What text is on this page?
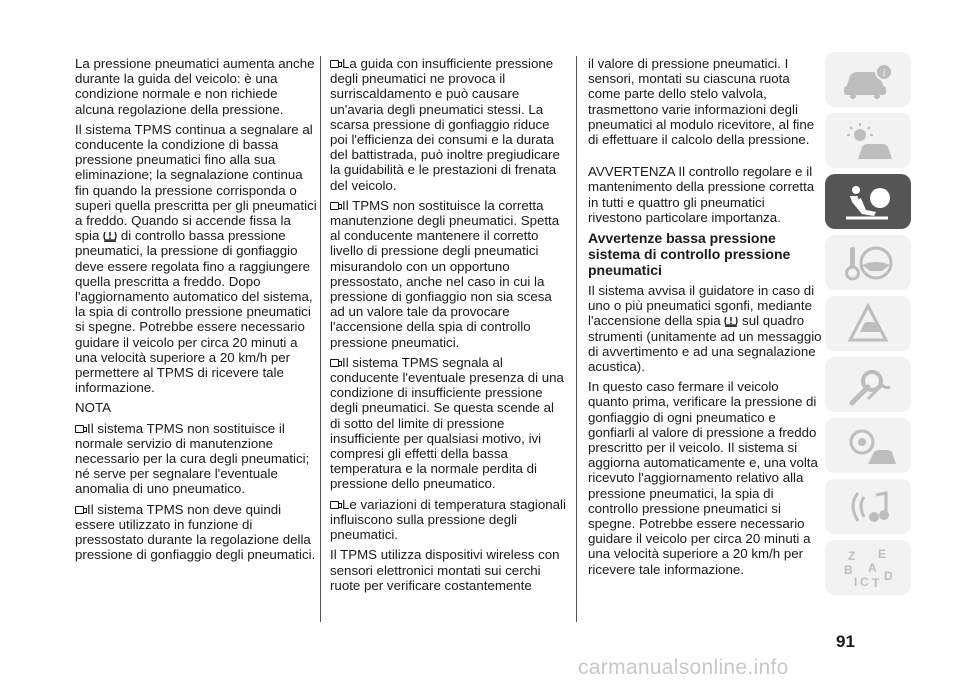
La pressione pneumatici aumenta anche durante la guida del veicolo: è una condizione normale e non richiede alcuna regolazione della pressione.

Il sistema TPMS continua a segnalare al conducente la condizione di bassa pressione pneumatici fino alla sua eliminazione; la segnalazione continua fin quando la pressione corrisponda o superi quella prescritta per gli pneumatici a freddo. Quando si accende fissa la spia di controllo bassa pressione pneumatici, la pressione di gonfiaggio deve essere regolata fino a raggiungere quella prescritta a freddo. Dopo l'aggiornamento automatico del sistema, la spia di controllo pressione pneumatici si spegne. Potrebbe essere necessario guidare il veicolo per circa 20 minuti a una velocità superiore a 20 km/h per permettere al TPMS di ricevere tale informazione.

NOTA

Il sistema TPMS non sostituisce il normale servizio di manutenzione necessario per la cura degli pneumatici; né serve per segnalare l'eventuale anomalia di uno pneumatico.

Il sistema TPMS non deve quindi essere utilizzato in funzione di pressostato durante la regolazione della pressione di gonfiaggio degli pneumatici.

La guida con insufficiente pressione degli pneumatici ne provoca il surriscaldamento e può causare un'avaria degli pneumatici stessi. La scarsa pressione di gonfiaggio riduce poi l'efficienza dei consumi e la durata del battistrada, può inoltre pregiudicare la guidabilità e le prestazioni di frenata del veicolo.

Il TPMS non sostituisce la corretta manutenzione degli pneumatici. Spetta al conducente mantenere il corretto livello di pressione degli pneumatici misurandolo con un opportuno pressostato, anche nel caso in cui la pressione di gonfiaggio non sia scesa ad un valore tale da provocare l'accensione della spia di controllo pressione pneumatici.

Il sistema TPMS segnala al conducente l'eventuale presenza di una condizione di insufficiente pressione degli pneumatici. Se questa scende al di sotto del limite di pressione insufficiente per qualsiasi motivo, ivi compresi gli effetti della bassa temperatura e la normale perdita di pressione dello pneumatico.

Le variazioni di temperatura stagionali influiscono sulla pressione degli pneumatici.

Il TPMS utilizza dispositivi wireless con sensori elettronici montati sui cerchi ruote per verificare costantemente

il valore di pressione pneumatici. I sensori, montati su ciascuna ruota come parte dello stelo valvola, trasmettono varie informazioni degli pneumatici al modulo ricevitore, al fine di effettuare il calcolo della pressione.

AVVERTENZA Il controllo regolare e il mantenimento della pressione corretta in tutti e quattro gli pneumatici rivestono particolare importanza.

Avvertenze bassa pressione sistema di controllo pressione pneumatici

Il sistema avvisa il guidatore in caso di uno o più pneumatici sgonfi, mediante l'accensione della spia sul quadro strumenti (unitamente ad un messaggio di avvertimento e ad una segnalazione acustica).

In questo caso fermare il veicolo quanto prima, verificare la pressione di gonfiaggio di ogni pneumatico e gonfiarli al valore di pressione a freddo prescritto per il veicolo. Il sistema si aggiorna automaticamente e, una volta ricevuto l'aggiornamento relativo alla pressione pneumatici, la spia di controllo pressione pneumatici si spegne. Potrebbe essere necessario guidare il veicolo per circa 20 minuti a una velocità superiore a 20 km/h per ricevere tale informazione.

i
Z E
B A
D
I C T
91
carmanualsonline.info
